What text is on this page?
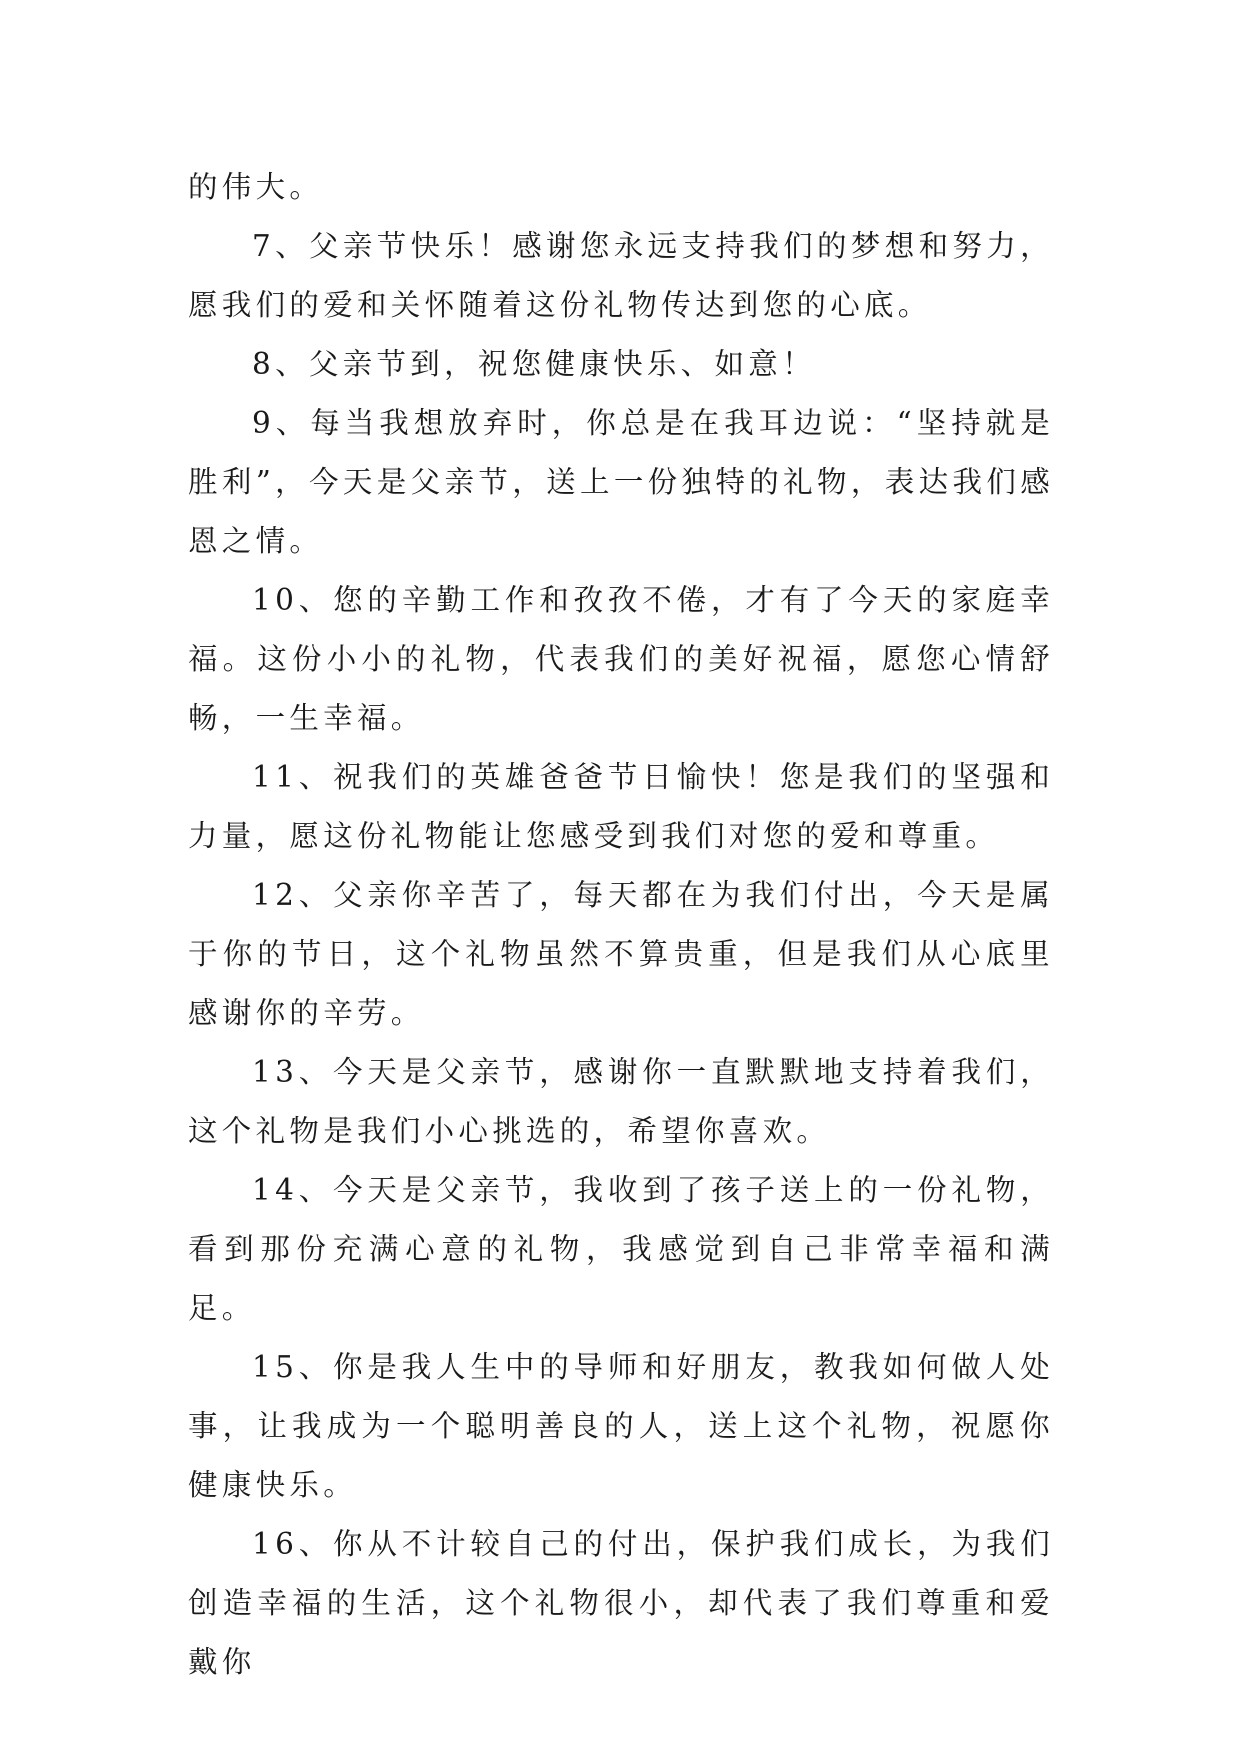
的伟大。

7、父亲节快乐！感谢您永远支持我们的梦想和努力，愿我们的爱和关怀随着这份礼物传达到您的心底。

8、父亲节到，祝您健康快乐、如意！

9、每当我想放弃时，你总是在我耳边说：“坚持就是胜利”，今天是父亲节，送上一份独特的礼物，表达我们感恩之情。

10、您的辛勤工作和孜孜不倦，才有了今天的家庭幸福。这份小小的礼物，代表我们的美好祝福，愿您心情舒畅，一生幸福。

11、祝我们的英雄爸爸节日愉快！您是我们的坚强和力量，愿这份礼物能让您感受到我们对您的爱和尊重。

12、父亲你辛苦了，每天都在为我们付出，今天是属于你的节日，这个礼物虽然不算贵重，但是我们从心底里感谢你的辛劳。

13、今天是父亲节，感谢你一直默默地支持着我们，这个礼物是我们小心挑选的，希望你喜欢。

14、今天是父亲节，我收到了孩子送上的一份礼物，看到那份充满心意的礼物，我感觉到自己非常幸福和满足。

15、你是我人生中的导师和好朋友，教我如何做人处事，让我成为一个聪明善良的人，送上这个礼物，祝愿你健康快乐。

16、你从不计较自己的付出，保护我们成长，为我们创造幸福的生活，这个礼物很小，却代表了我们尊重和爱戴你
